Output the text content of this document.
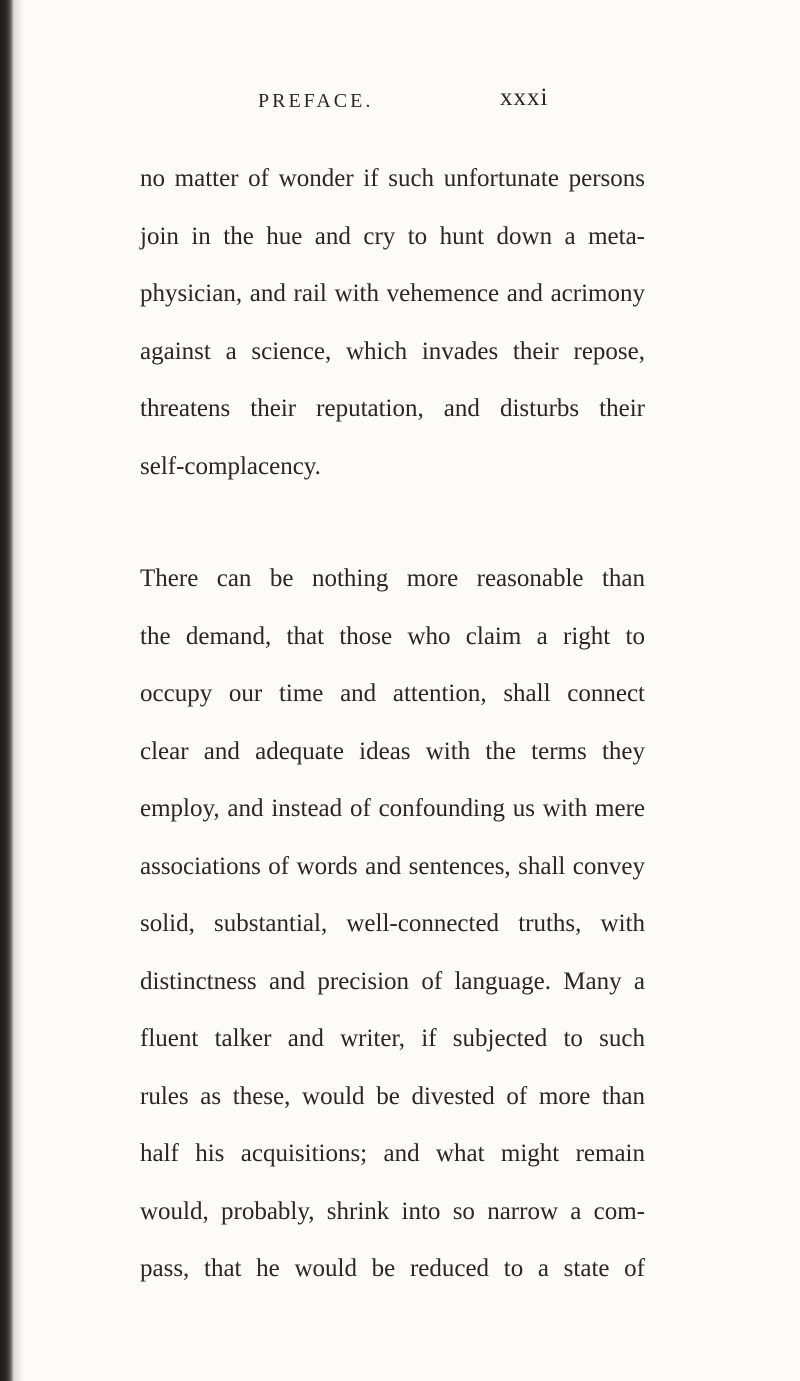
PREFACE.	xxxi
no matter of wonder if such unfortunate persons
join in the hue and cry to hunt down a meta-
physician, and rail with vehemence and acrimony
against a science, which invades their repose,
threatens their reputation, and disturbs their
self-complacency.
There can be nothing more reasonable than
the demand, that those who claim a right to
occupy our time and attention, shall connect
clear and adequate ideas with the terms they
employ, and instead of confounding us with mere
associations of words and sentences, shall convey
solid, substantial, well-connected truths, with
distinctness and precision of language. Many a
fluent talker and writer, if subjected to such
rules as these, would be divested of more than
half his acquisitions; and what might remain
would, probably, shrink into so narrow a com-
pass, that he would be reduced to a state of
